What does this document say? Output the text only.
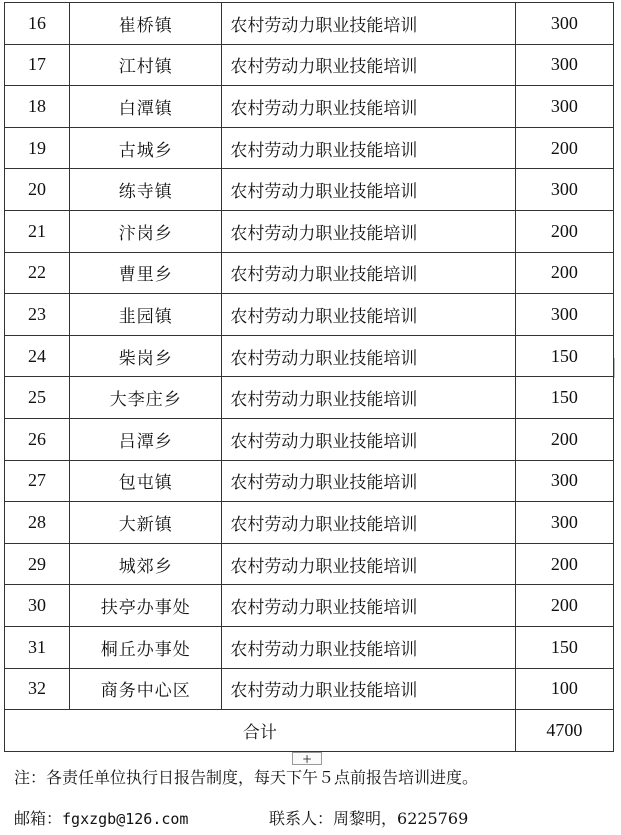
16	崔桥镇	农村劳动力职业技能培训	300
17	江村镇	农村劳动力职业技能培训	300
18	白潭镇	农村劳动力职业技能培训	300
19	古城乡	农村劳动力职业技能培训	200
20	练寺镇	农村劳动力职业技能培训	300
21	汴岗乡	农村劳动力职业技能培训	200
22	曹里乡	农村劳动力职业技能培训	200
23	韭园镇	农村劳动力职业技能培训	300
24	柴岗乡	农村劳动力职业技能培训	150
25	大李庄乡	农村劳动力职业技能培训	150
26	吕潭乡	农村劳动力职业技能培训	200
27	包屯镇	农村劳动力职业技能培训	300
28	大新镇	农村劳动力职业技能培训	300
29	城郊乡	农村劳动力职业技能培训	200
30	扶亭办事处	农村劳动力职业技能培训	200
31	桐丘办事处	农村劳动力职业技能培训	150
32	商务中心区	农村劳动力职业技能培训	100
合计			4700
+
注：各责任单位执行日报告制度，每天下午５点前报告培训进度。
邮箱：fgxzgb@126.com	联系人：周黎明，6225769
